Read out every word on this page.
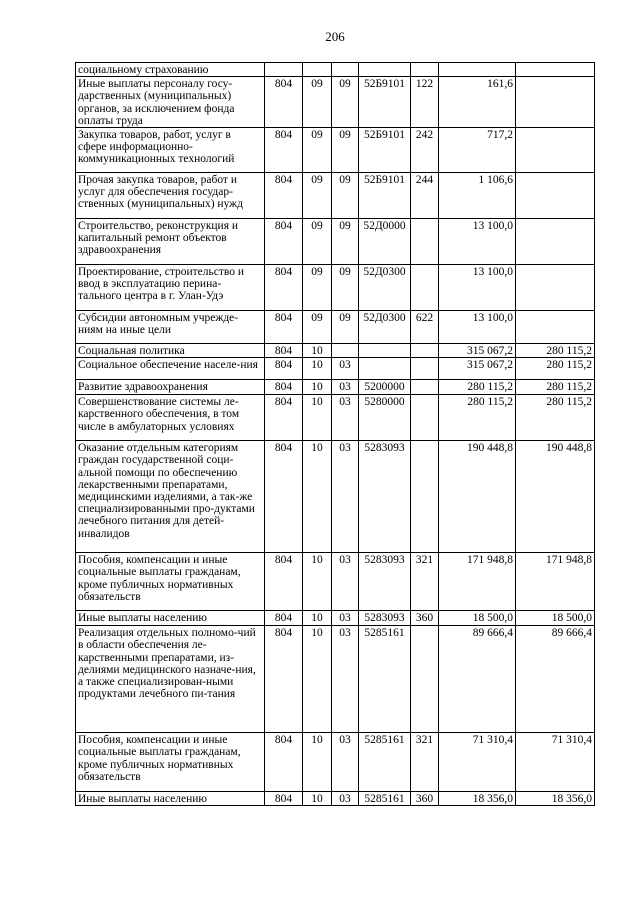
206
социальному страхованию							
Иные выплаты персоналу госу-дарственных (муниципальных) органов, за исключением фонда оплаты труда	804	09	09	52Б9101	122	161,6	
Закупка товаров, работ, услуг в сфере информационно-коммуникационных технологий	804	09	09	52Б9101	242	717,2	
Прочая закупка товаров, работ и услуг для обеспечения государ-ственных (муниципальных) нужд	804	09	09	52Б9101	244	1 106,6	
Строительство, реконструкция и капитальный ремонт объектов здравоохранения	804	09	09	52Д0000		13 100,0	
Проектирование, строительство и ввод в эксплуатацию перина-тального центра в г. Улан-Удэ	804	09	09	52Д0300		13 100,0	
Субсидии автономным учрежде-ниям на иные цели	804	09	09	52Д0300	622	13 100,0	
Социальная политика	804	10				315 067,2	280 115,2
Социальное обеспечение населе-ния	804	10	03			315 067,2	280 115,2
Развитие здравоохранения	804	10	03	5200000		280 115,2	280 115,2
Совершенствование системы ле-карственного обеспечения, в том числе в амбулаторных условиях	804	10	03	5280000		280 115,2	280 115,2
Оказание отдельным категориям граждан государственной соци-альной помощи по обеспечению лекарственными препаратами, медицинскими изделиями, а так-же специализированными про-дуктами лечебного питания для детей-инвалидов	804	10	03	5283093		190 448,8	190 448,8
Пособия, компенсации и иные социальные выплаты гражданам, кроме публичных нормативных обязательств	804	10	03	5283093	321	171 948,8	171 948,8
Иные выплаты населению	804	10	03	5283093	360	18 500,0	18 500,0
Реализация отдельных полномо-чий в области обеспечения ле-карственными препаратами, из-делиями медицинского назначе-ния, а также специализирован-ными продуктами лечебного пи-тания	804	10	03	5285161		89 666,4	89 666,4
Пособия, компенсации и иные социальные выплаты гражданам, кроме публичных нормативных обязательств	804	10	03	5285161	321	71 310,4	71 310,4
Иные выплаты населению	804	10	03	5285161	360	18 356,0	18 356,0
